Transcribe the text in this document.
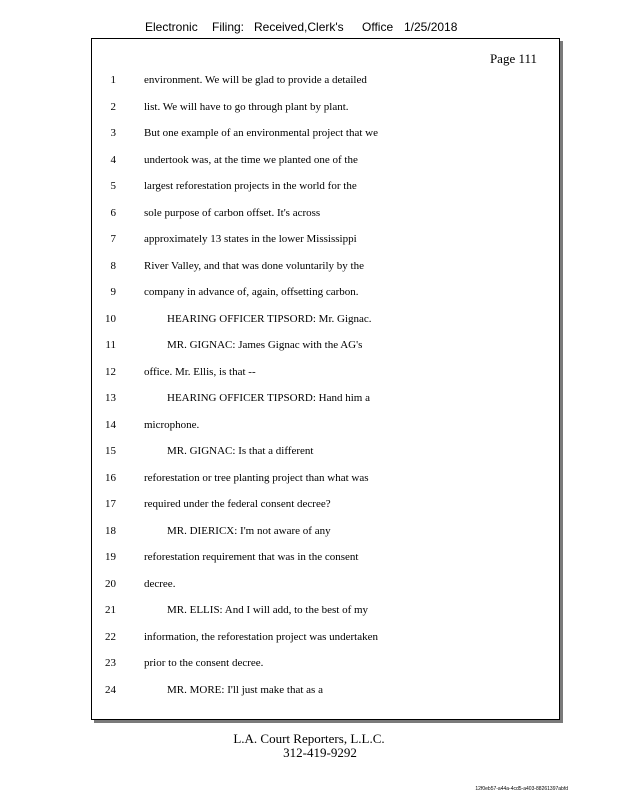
Electronic Filing: Received,Clerk's Office 1/25/2018
Page 111
1	environment. We will be glad to provide a detailed
2	list. We will have to go through plant by plant.
3	But one example of an environmental project that we
4	undertook was, at the time we planted one of the
5	largest reforestation projects in the world for the
6	sole purpose of carbon offset. It's across
7	approximately 13 states in the lower Mississippi
8	River Valley, and that was done voluntarily by the
9	company in advance of, again, offsetting carbon.
10	HEARING OFFICER TIPSORD: Mr. Gignac.
11	MR. GIGNAC: James Gignac with the AG's
12	office. Mr. Ellis, is that --
13	HEARING OFFICER TIPSORD: Hand him a
14	microphone.
15	MR. GIGNAC: Is that a different
16	reforestation or tree planting project than what was
17	required under the federal consent decree?
18	MR. DIERICX: I'm not aware of any
19	reforestation requirement that was in the consent
20	decree.
21	MR. ELLIS: And I will add, to the best of my
22	information, the reforestation project was undertaken
23	prior to the consent decree.
24	MR. MORE: I'll just make that as a
L.A. Court Reporters, L.L.C.
312-419-9292
12f0eb57-a44a-4cd5-a403-88261397abfd
